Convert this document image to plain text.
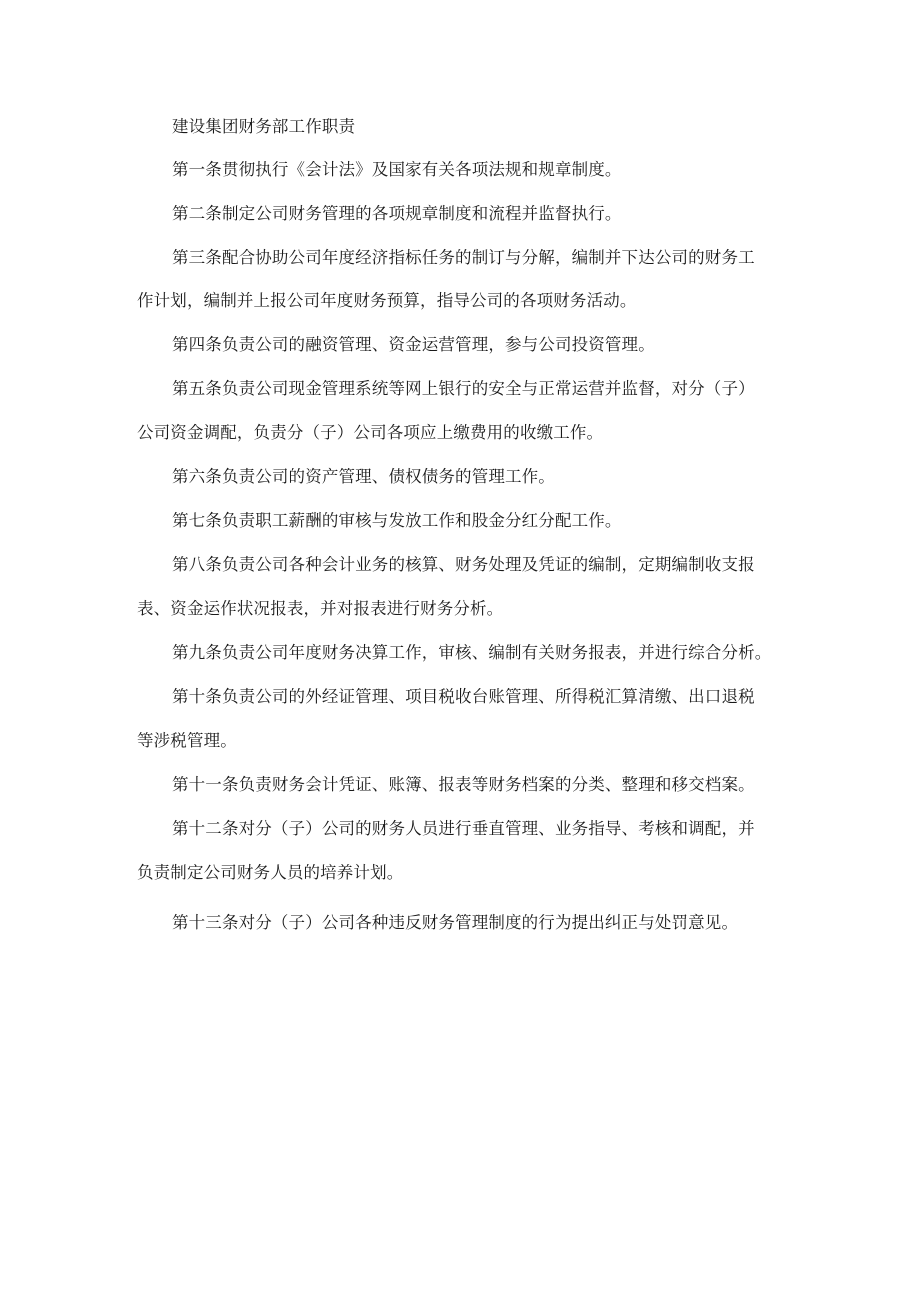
建设集团财务部工作职责
第一条贯彻执行《会计法》及国家有关各项法规和规章制度。
第二条制定公司财务管理的各项规章制度和流程并监督执行。
第三条配合协助公司年度经济指标任务的制订与分解，编制并下达公司的财务工
作计划，编制并上报公司年度财务预算，指导公司的各项财务活动。
第四条负责公司的融资管理、资金运营管理，参与公司投资管理。
第五条负责公司现金管理系统等网上银行的安全与正常运营并监督，对分（子）
公司资金调配，负责分（子）公司各项应上缴费用的收缴工作。
第六条负责公司的资产管理、债权债务的管理工作。
第七条负责职工薪酬的审核与发放工作和股金分红分配工作。
第八条负责公司各种会计业务的核算、财务处理及凭证的编制，定期编制收支报
表、资金运作状况报表，并对报表进行财务分析。
第九条负责公司年度财务决算工作，审核、编制有关财务报表，并进行综合分析。
第十条负责公司的外经证管理、项目税收台账管理、所得税汇算清缴、出口退税
等涉税管理。
第十一条负责财务会计凭证、账簿、报表等财务档案的分类、整理和移交档案。
第十二条对分（子）公司的财务人员进行垂直管理、业务指导、考核和调配，并
负责制定公司财务人员的培养计划。
第十三条对分（子）公司各种违反财务管理制度的行为提出纠正与处罚意见。
